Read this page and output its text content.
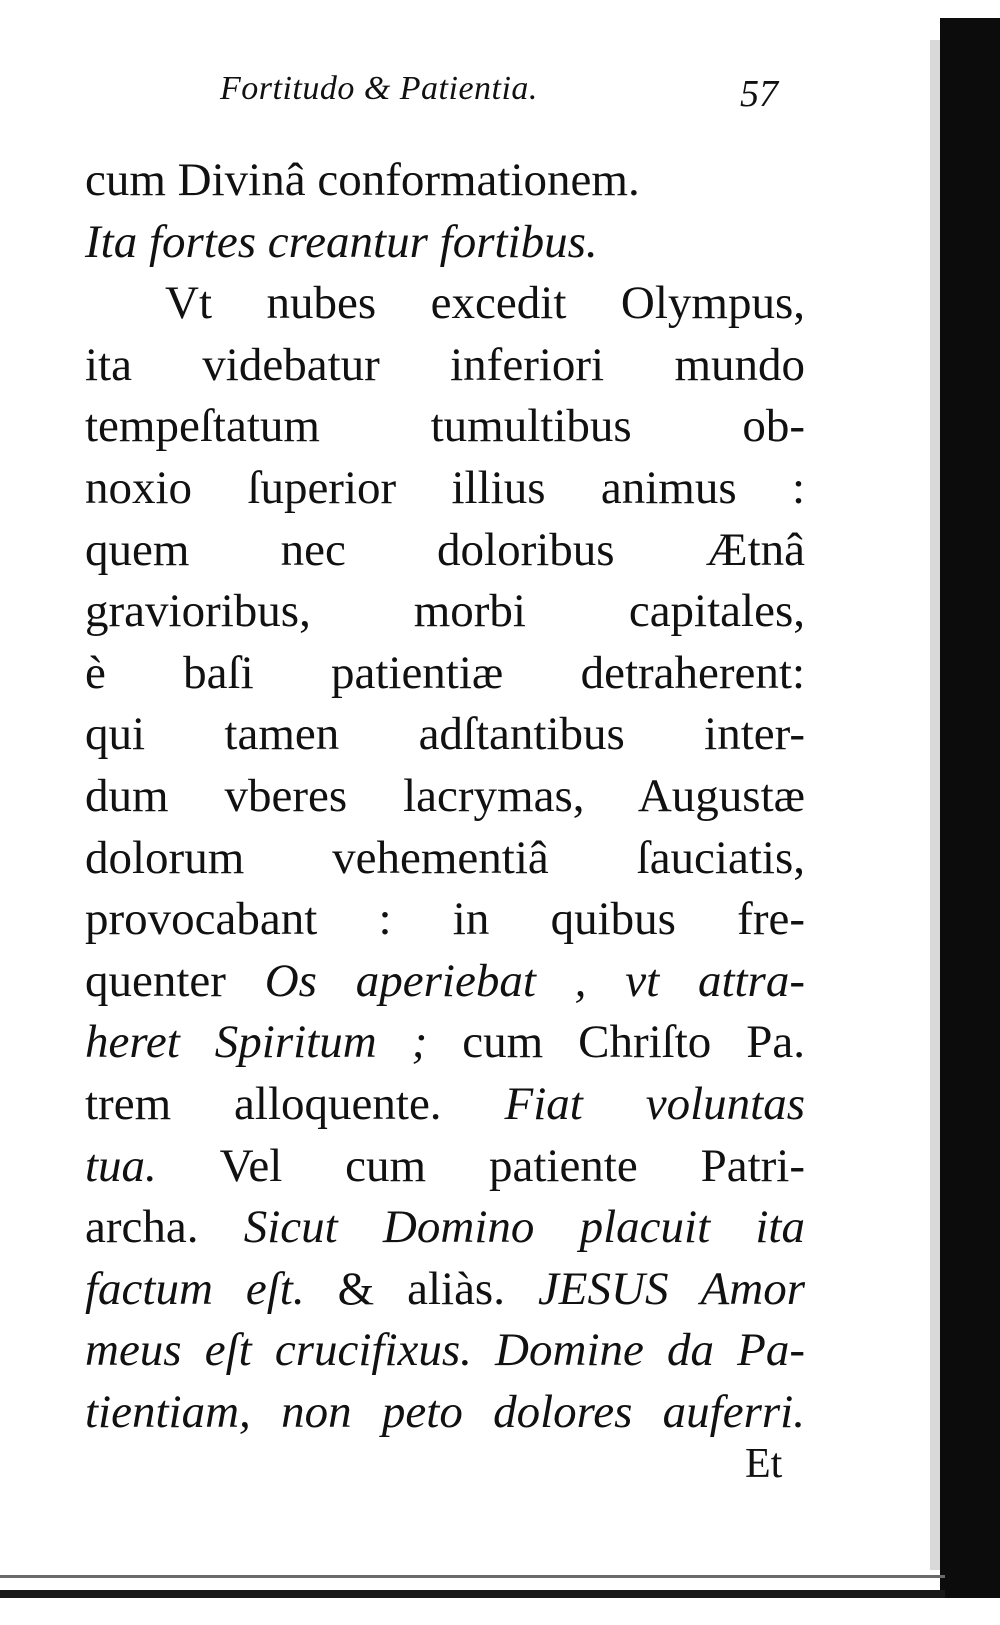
Fortitudo & Patientia.	57
cum Divinâ conformationem.
Ita fortes creantur fortibus.
Vt nubes excedit Olympus,
ita videbatur inferiori mundo
tempeſtatum tumultibus ob-
noxio ſuperior illius animus :
quem nec doloribus Ætnâ
gravioribus, morbi capitales,
è baſi patientiæ detraherent:
qui tamen adſtantibus inter-
dum vberes lacrymas, Augustæ
dolorum vehementiâ ſauciatis,
provocabant : in quibus fre-
quenter Os aperiebat , vt attra-
heret Spiritum ; cum Chriſto Pa.
trem alloquente. Fiat voluntas
tua. Vel cum patiente Patri-
archa. Sicut Domino placuit ita
factum eſt. & aliàs. JESUS Amor
meus eſt crucifixus. Domine da Pa-
tientiam, non peto dolores auferri.
Et
